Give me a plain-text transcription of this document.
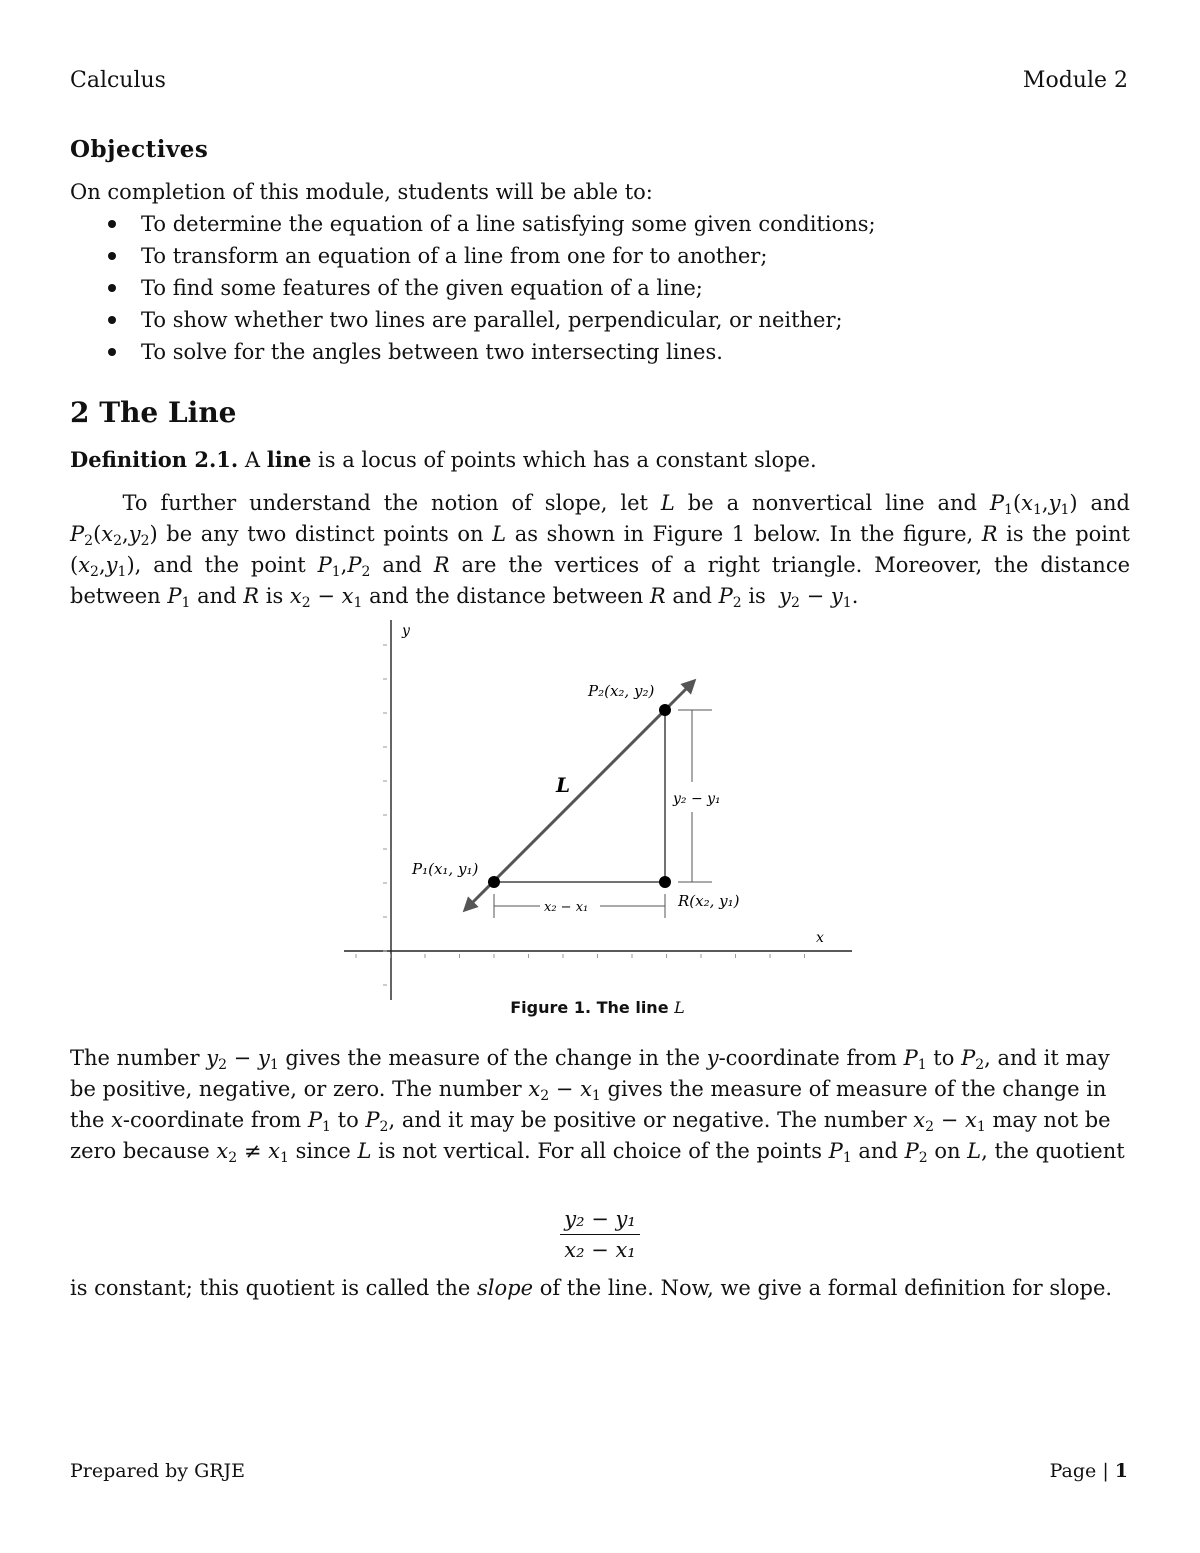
Calculus	Module 2
Objectives
On completion of this module, students will be able to:
To determine the equation of a line satisfying some given conditions;
To transform an equation of a line from one for to another;
To find some features of the given equation of a line;
To show whether two lines are parallel, perpendicular, or neither;
To solve for the angles between two intersecting lines.
2 The Line
Definition 2.1. A line is a locus of points which has a constant slope.
   To further understand the notion of slope, let L be a nonvertical line and $P_1(x_1,y_1)$ and $P_2(x_2,y_2)$ be any two distinct points on L as shown in Figure 1 below. In the figure, R is the point $(x_2,y_1)$, and the point $P_1,P_2$ and R are the vertices of a right triangle. Moreover, the distance between $P_1$ and R is $x_2 - x_1$ and the distance between R and $P_2$ is  $y_2 - y_1$.
y
x
L
P₁(x₁, y₁)
P₂(x₂, y₂)
R(x₂, y₁)
x₂ − x₁
y₂ − y₁
Figure 1. The line L
The number $y_2 - y_1$ gives the measure of the change in the y-coordinate from $P_1$ to $P_2$, and it may be positive, negative, or zero. The number $x_2 - x_1$ gives the measure of measure of the change in the x-coordinate from $P_1$ to $P_2$, and it may be positive or negative. The number $x_2 - x_1$ may not be zero because $x_2 \ne x_1$ since L is not vertical. For all choice of the points $P_1$ and $P_2$ on L, the quotient
$\frac{\text{y₂ − y₁}}{\text{x₂ − x₁}}$
is constant; this quotient is called the slope of the line. Now, we give a formal definition for slope.
Prepared by GRJE	Page | 1
